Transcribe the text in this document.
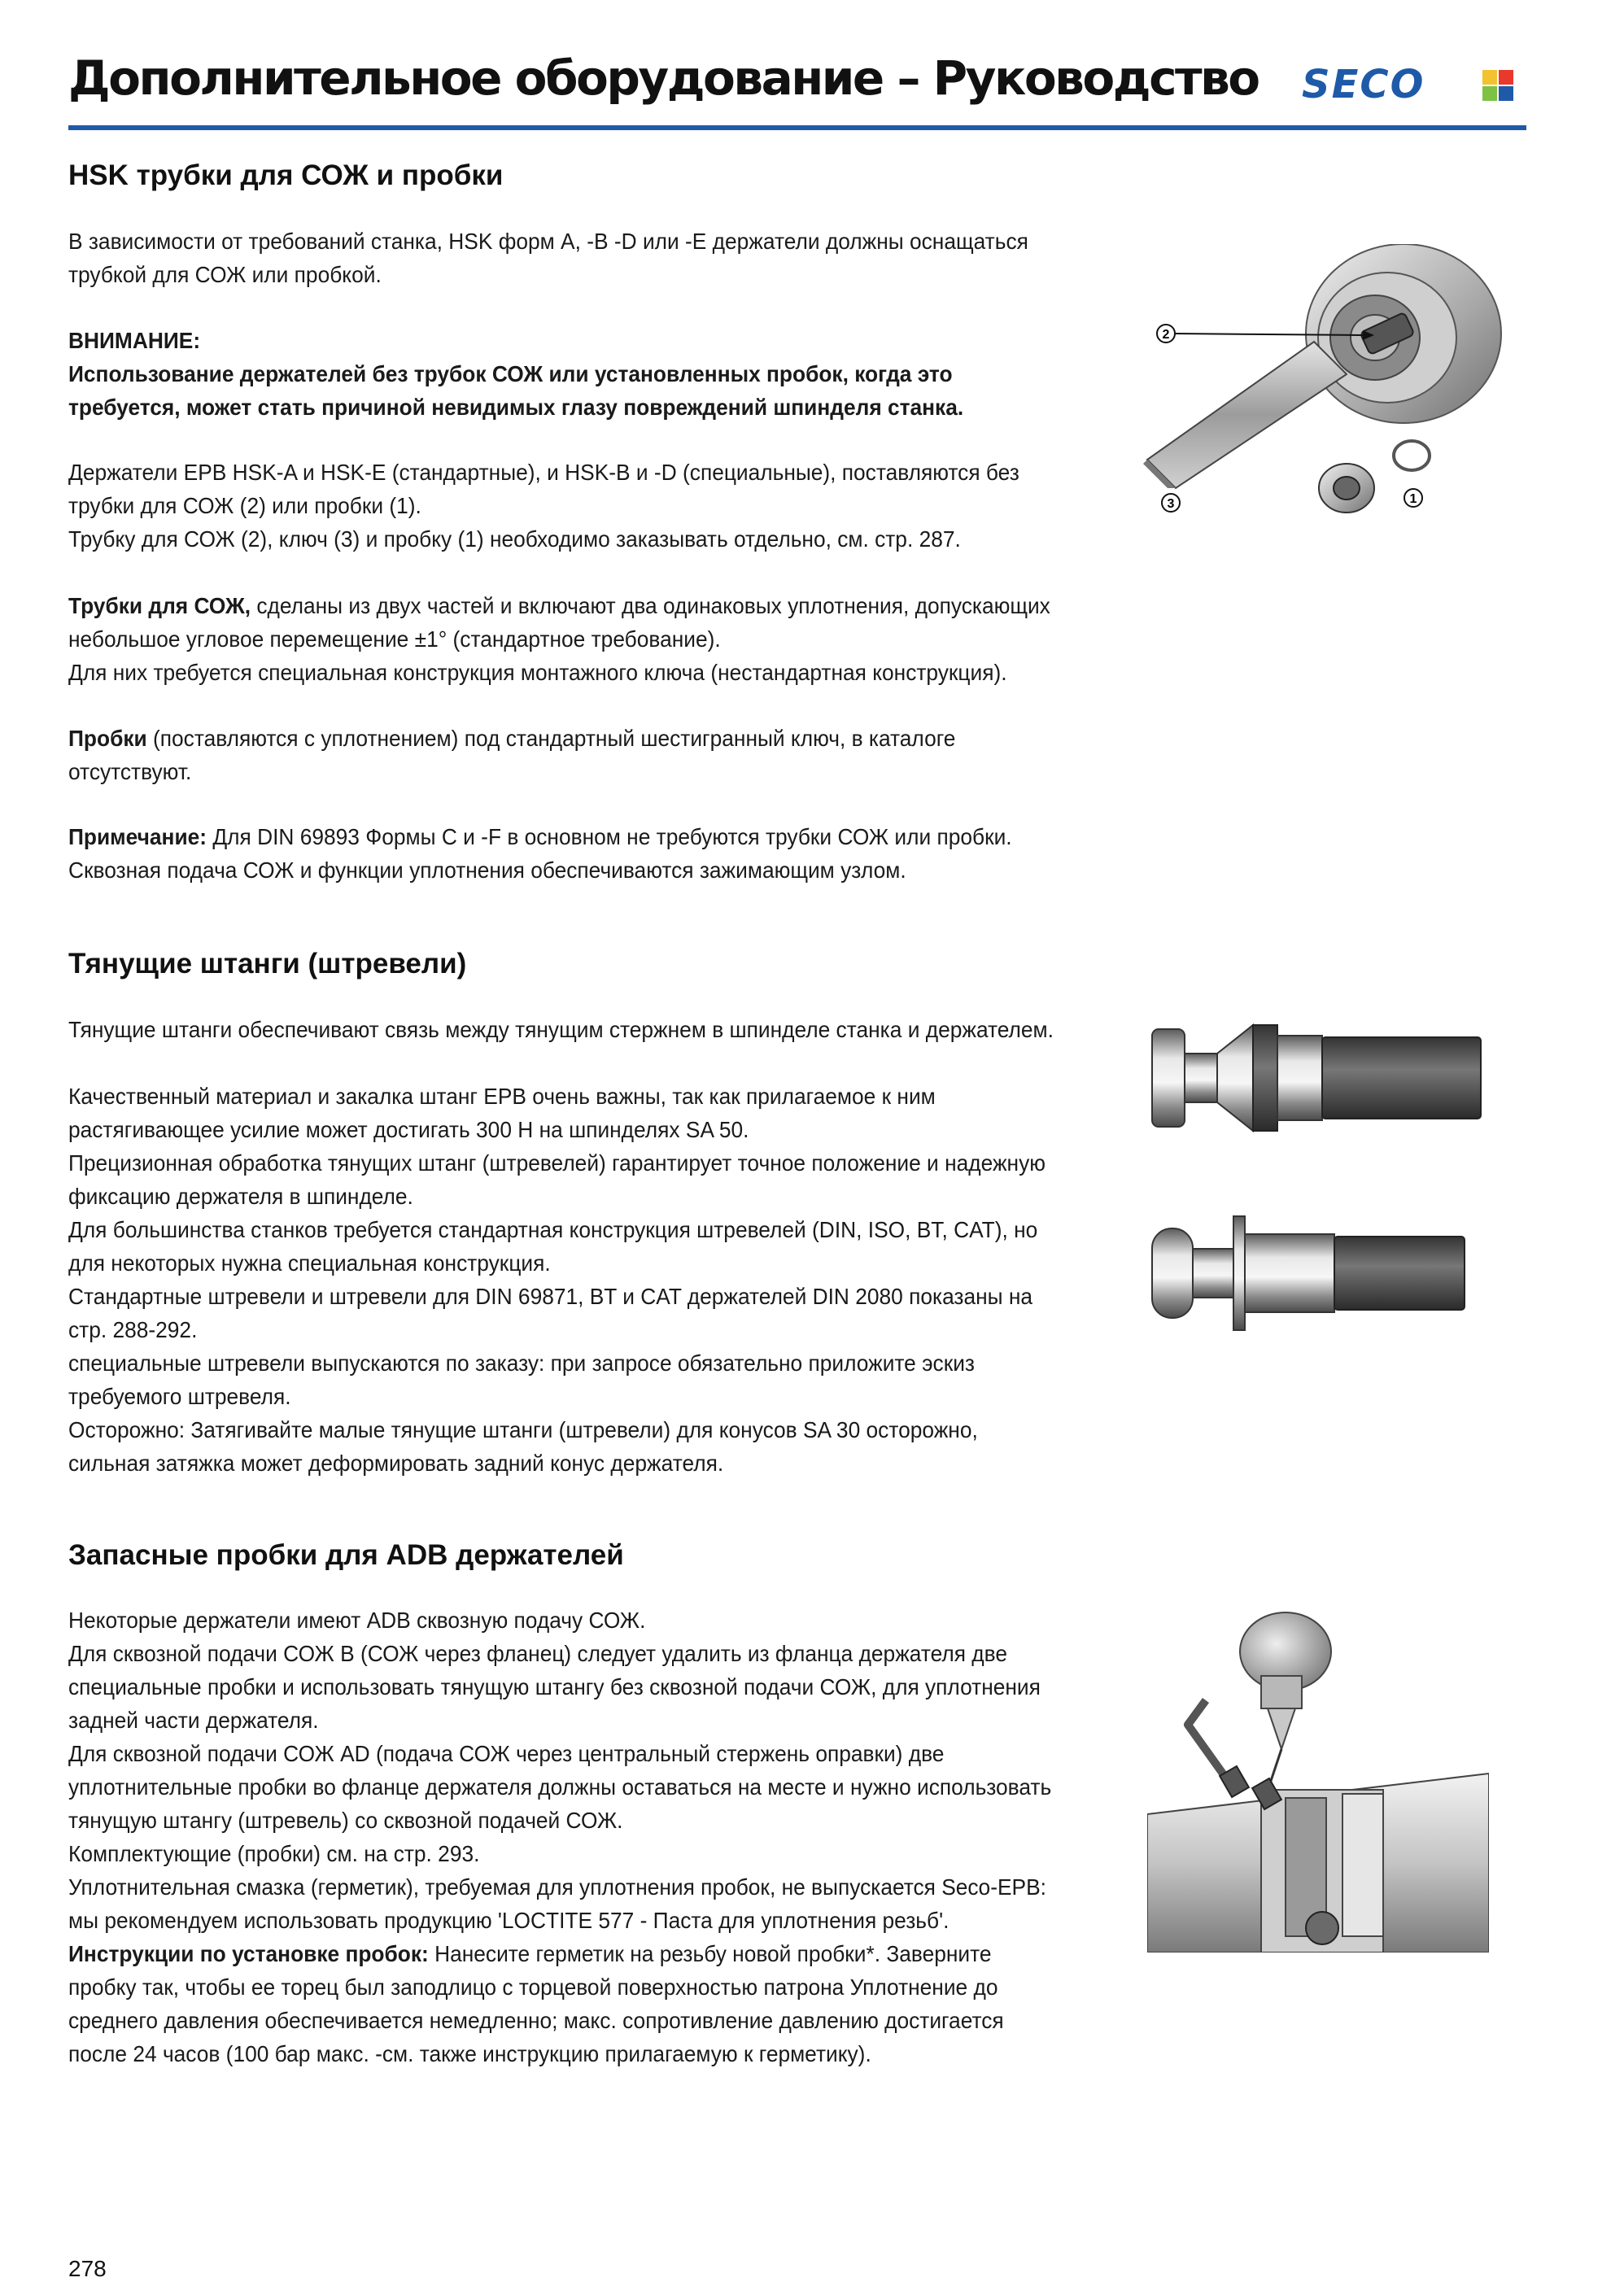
Дополнительное оборудование – Руководство SECO
HSK трубки для СОЖ и пробки

В зависимости от требований станка, HSK форм А, -В -D или -Е держатели должны оснащаться трубкой для СОЖ или пробкой.

ВНИМАНИЕ:

Использование держателей без трубок СОЖ или установленных пробок, когда это требуется, может стать причиной невидимых глазу повреждений шпинделя станка.

Держатели EPB HSK-A и HSK-E (стандартные), и HSK-B и -D (специальные), поставляются без трубки для СОЖ (2) или пробки (1).

Трубку для СОЖ (2), ключ (3) и пробку (1) необходимо заказывать отдельно, см. стр. 287.

Трубки для СОЖ, сделаны из двух частей и включают два одинаковых уплотнения, допускающих небольшое угловое перемещение ±1° (стандартное требование).

Для них требуется специальная конструкция монтажного ключа (нестандартная конструкция).

Пробки (поставляются с уплотнением) под стандартный шестигранный ключ, в каталоге отсутствуют.

Примечание: Для DIN 69893 Формы C и -F в основном не требуются трубки СОЖ или пробки.

Сквозная подача СОЖ и функции уплотнения обеспечиваются зажимающим узлом.

2
3	1
Тянущие штанги (штревели)

Тянущие штанги обеспечивают связь между тянущим стержнем в шпинделе станка и держателем.

Качественный материал и закалка штанг EPB очень важны, так как прилагаемое к ним растягивающее усилие может достигать 300 Н на шпинделях SA 50.

Прецизионная обработка тянущих штанг (штревелей) гарантирует точное положение и надежную фиксацию держателя в шпинделе.

Для большинства станков требуется стандартная конструкция штревелей (DIN, ISO, BT, CAT), но для некоторых нужна специальная конструкция.

Стандартные штревели и штревели для DIN 69871, BT и CAT держателей DIN 2080 показаны на стр. 288-292.

специальные штревели выпускаются по заказу: при запросе обязательно приложите эскиз требуемого штревеля.

Осторожно: Затягивайте малые тянущие штанги (штревели) для конусов SA 30 осторожно, сильная затяжка может деформировать задний конус держателя.

Запасные пробки для ADB держателей

Некоторые держатели имеют ADB сквозную подачу СОЖ.

Для сквозной подачи СОЖ В (СОЖ через фланец) следует удалить из фланца держателя две специальные пробки и использовать тянущую штангу без сквозной подачи СОЖ, для уплотнения задней части держателя.

Для сквозной подачи СОЖ AD (подача СОЖ через центральный стержень оправки) две уплотнительные пробки во фланце держателя должны оставаться на месте и нужно использовать тянущую штангу (штревель) со сквозной подачей СОЖ.

Комплектующие (пробки) см. на стр. 293.

Уплотнительная смазка (герметик), требуемая для уплотнения пробок, не выпускается Seco-EPB: мы рекомендуем использовать продукцию 'LOCTITE 577 - Паста для уплотнения резьб'.

Инструкции по установке пробок: Нанесите герметик на резьбу новой пробки*. Заверните пробку так, чтобы ее торец был заподлицо с торцевой поверхностью патрона Уплотнение до среднего давления обеспечивается немедленно; макс. сопротивление давлению достигается после 24 часов (100 бар макс. -см. также инструкцию прилагаемую к герметику).

278
